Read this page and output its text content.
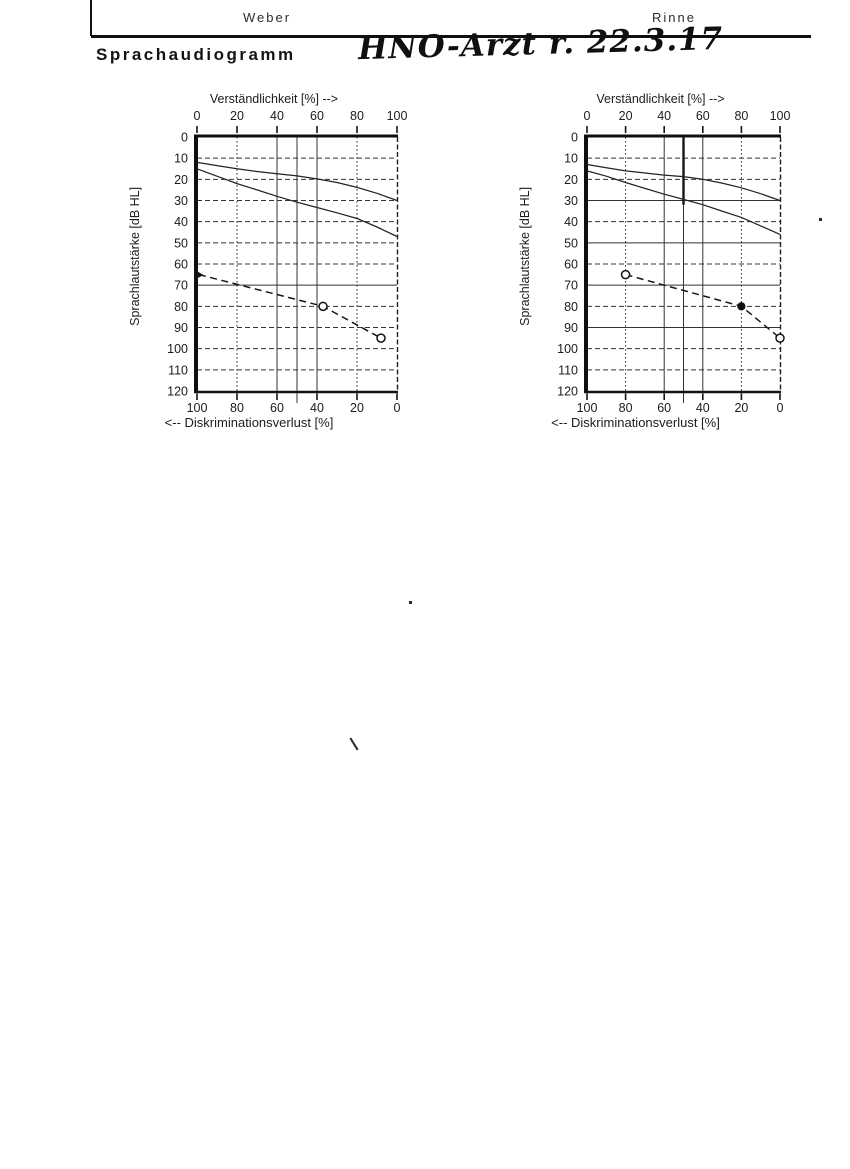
Weber	Rinne
Sprachaudiogramm HNO-Arzt r. 22.3.17
0 20 40 60 80 100
Verständlichkeit [%] -->
100 80 60 40 20 0
<-- Diskriminationsverlust [%]
0
10
20
30
40
50
60
70
80
90
100
110
120
Sprachlautstärke [dB HL]
0 20 40 60 80 100
Verständlichkeit [%] -->
100 80 60 40 20 0
<-- Diskriminationsverlust [%]
0
10
20
30
40
50
60
70
80
90
100
110
120
Sprachlautstärke [dB HL]
